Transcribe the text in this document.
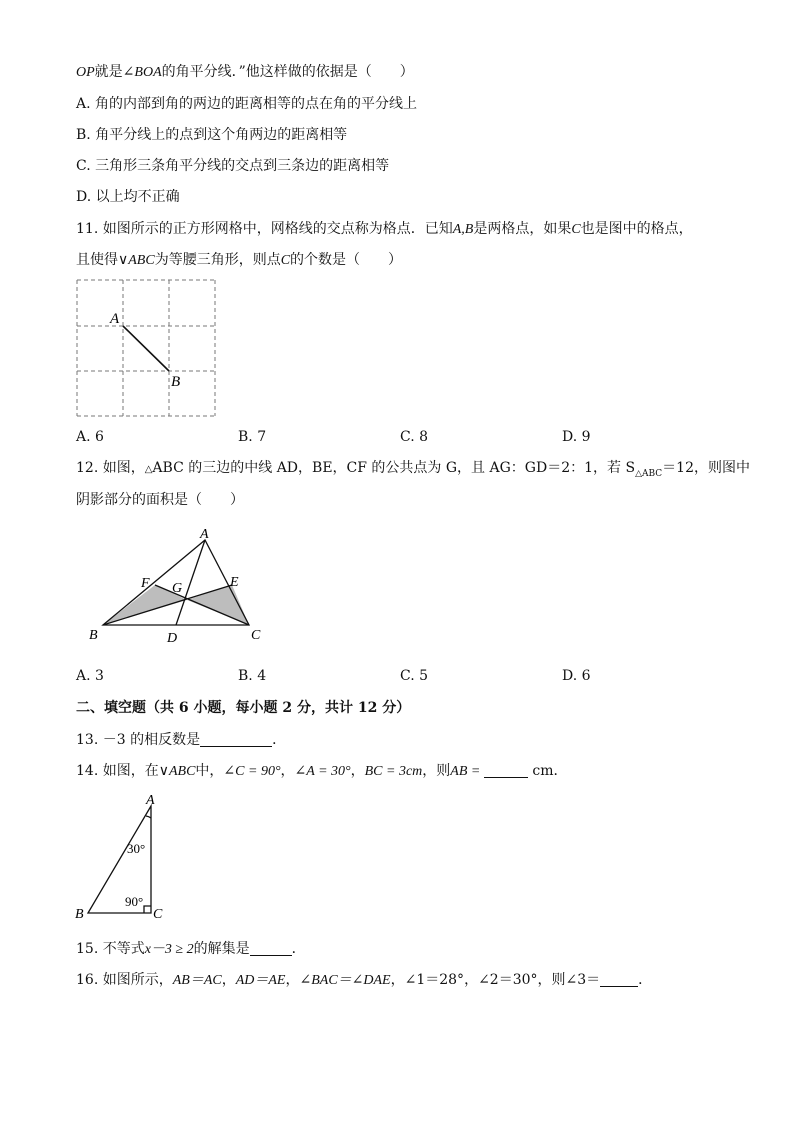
OP就是∠BOA的角平分线．”他这样做的依据是（　　）
A. 角的内部到角的两边的距离相等的点在角的平分线上
B. 角平分线上的点到这个角两边的距离相等
C. 三角形三条角平分线的交点到三条边的距离相等
D. 以上均不正确
11. 如图所示的正方形网格中，网格线的交点称为格点．已知A,B是两格点，如果C也是图中的格点，
且使得∨ABC为等腰三角形，则点C的个数是（　　）
A
B
A. 6	B. 7	C. 8	D. 9
12. 如图，△ABC 的三边的中线 AD，BE，CF 的公共点为 G，且 AG：GD＝2：1，若 $S_{\triangle ABC}=12$，则图中
阴影部分的面积是（　　）
A
B	C
D
E
F G
A. 3	B. 4	C. 5	D. 6
二、填空题（共 6 小题，每小题 2 分，共计 12 分）
13. －3 的相反数是	．
14. 如图，在∨ABC中，∠C = 90°，∠A = 30°，BC = 3cm，则AB =	cm．
A
B	C
30°
90°
15. 不等式x－3 ≥ 2的解集是	．
16. 如图所示，AB＝AC，AD＝AE，∠BAC＝∠DAE，∠1＝28°，∠2＝30°，则∠3＝	．
